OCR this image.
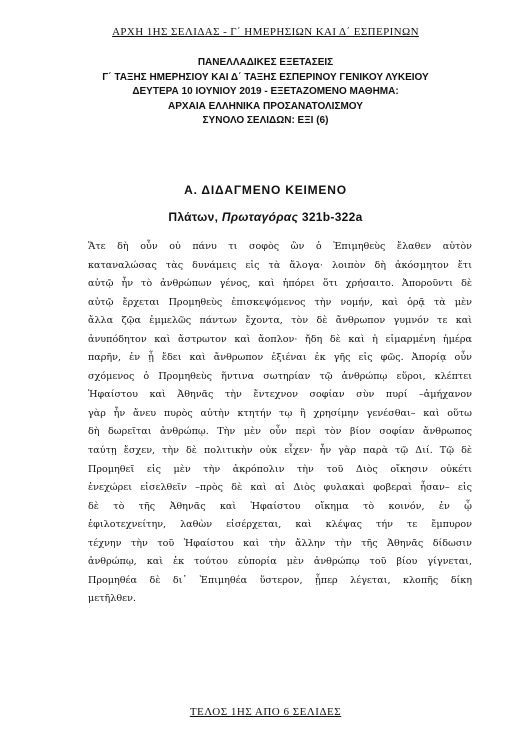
ΑΡΧΗ 1ΗΣ ΣΕΛΙΔΑΣ - Γ΄ ΗΜΕΡΗΣΙΩΝ ΚΑΙ Δ΄ ΕΣΠΕΡΙΝΩΝ
ΠΑΝΕΛΛΑΔΙΚΕΣ ΕΞΕΤΑΣΕΙΣ
Γ΄ ΤΑΞΗΣ ΗΜΕΡΗΣΙΟΥ ΚΑΙ Δ΄ ΤΑΞΗΣ ΕΣΠΕΡΙΝΟΥ ΓΕΝΙΚΟΥ ΛΥΚΕΙΟΥ
ΔΕΥΤΕΡΑ 10 ΙΟΥΝΙΟΥ 2019 - ΕΞΕΤΑΖΟΜΕΝΟ ΜΑΘΗΜΑ:
ΑΡΧΑΙΑ ΕΛΛΗΝΙΚΑ ΠΡΟΣΑΝΑΤΟΛΙΣΜΟΥ
ΣΥΝΟΛΟ ΣΕΛΙΔΩΝ: ΕΞΙ (6)
Α. ΔΙΔΑΓΜΕΝΟ ΚΕΙΜΕΝΟ
Πλάτων, Πρωταγόρας 321b-322a
Ἅτε δὴ οὖν οὐ πάνυ τι σοφὸς ὢν ὁ Ἐπιμηθεὺς ἔλαθεν αὑτὸν
καταναλώσας τὰς δυνάμεις εἰς τὰ ἄλογα· λοιπὸν δὴ ἀκόσμητον ἔτι
αὐτῷ ἦν τὸ ἀνθρώπων γένος, καὶ ἠπόρει ὅτι χρήσαιτο. Ἀποροῦντι δὲ
αὐτῷ ἔρχεται Προμηθεὺς ἐπισκεψόμενος τὴν νομήν, καὶ ὁρᾷ τὰ μὲν
ἄλλα ζῷα ἐμμελῶς πάντων ἔχοντα, τὸν δὲ ἄνθρωπον γυμνόν τε καὶ
ἀνυπόδητον καὶ ἄστρωτον καὶ ἄοπλον· ἤδη δὲ καὶ ἡ εἱμαρμένη ἡμέρα
παρῆν, ἐν ᾗ ἔδει καὶ ἄνθρωπον ἐξιέναι ἐκ γῆς εἰς φῶς. Ἀπορίᾳ οὖν
σχόμενος ὁ Προμηθεὺς ἥντινα σωτηρίαν τῷ ἀνθρώπῳ εὕροι, κλέπτει
Ἡφαίστου καὶ Ἀθηνᾶς τὴν ἔντεχνον σοφίαν σὺν πυρί –ἀμήχανον
γὰρ ἦν ἄνευ πυρὸς αὐτὴν κτητήν τῳ ἢ χρησίμην γενέσθαι– καὶ οὕτω
δὴ δωρεῖται ἀνθρώπῳ. Τὴν μὲν οὖν περὶ τὸν βίον σοφίαν ἄνθρωπος
ταύτῃ ἔσχεν, τὴν δὲ πολιτικὴν οὐκ εἶχεν· ἦν γὰρ παρὰ τῷ Διί. Τῷ δὲ
Προμηθεῖ εἰς μὲν τὴν ἀκρόπολιν τὴν τοῦ Διὸς οἴκησιν οὐκέτι
ἐνεχώρει εἰσελθεῖν –πρὸς δὲ καὶ αἱ Διὸς φυλακαὶ φοβεραὶ ἦσαν– εἰς
δὲ τὸ τῆς Ἀθηνᾶς καὶ Ἡφαίστου οἴκημα τὸ κοινόν, ἐν ᾧ
ἐφιλοτεχνείτην, λαθὼν εἰσέρχεται, καὶ κλέψας τήν τε ἔμπυρον
τέχνην τὴν τοῦ Ἡφαίστου καὶ τὴν ἄλλην τὴν τῆς Ἀθηνᾶς δίδωσιν
ἀνθρώπῳ, καὶ ἐκ τούτου εὐπορία μὲν ἀνθρώπῳ τοῦ βίου γίγνεται,
Προμηθέα δὲ δι᾽ Ἐπιμηθέα ὕστερον, ᾗπερ λέγεται, κλοπῆς δίκη
μετῆλθεν.
ΤΕΛΟΣ 1ΗΣ ΑΠΟ 6 ΣΕΛΙΔΕΣ
